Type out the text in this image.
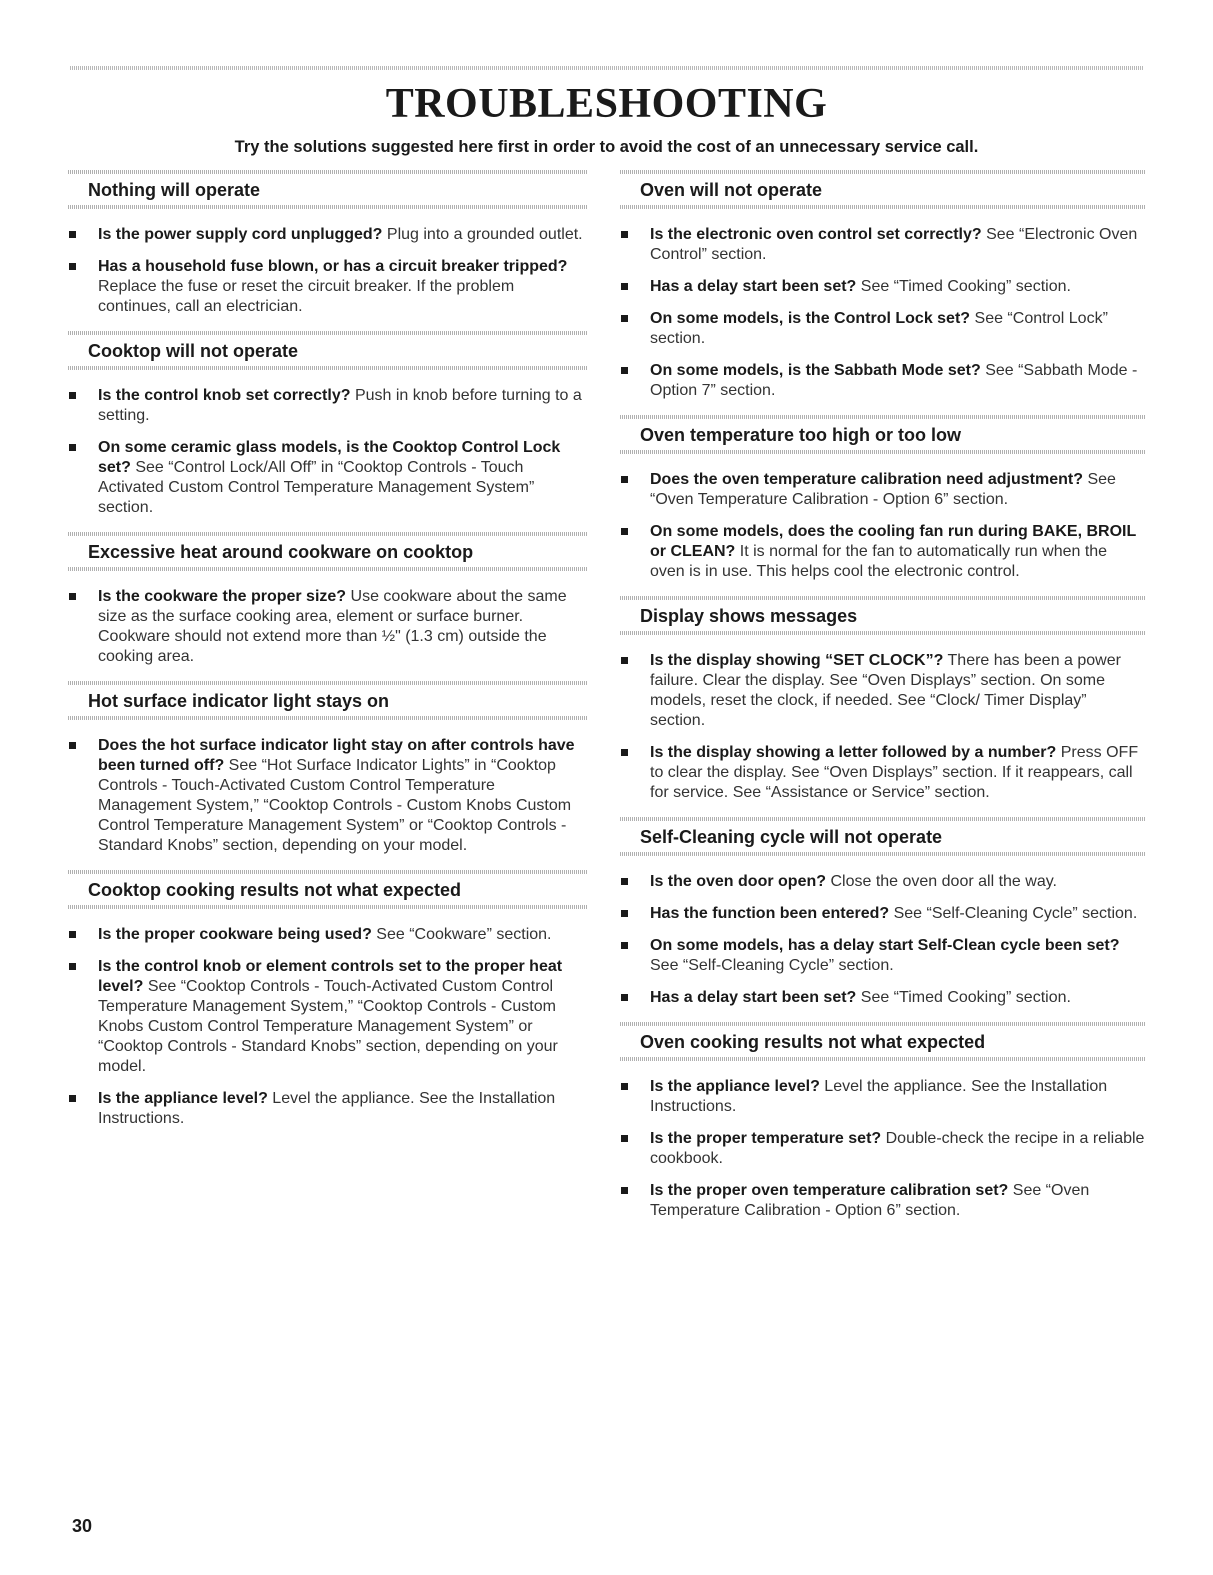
TROUBLESHOOTING

Try the solutions suggested here first in order to avoid the cost of an unnecessary service call.

Nothing will operate
Is the power supply cord unplugged? Plug into a grounded outlet.
Has a household fuse blown, or has a circuit breaker tripped? Replace the fuse or reset the circuit breaker. If the problem continues, call an electrician.
Cooktop will not operate
Is the control knob set correctly? Push in knob before turning to a setting.
On some ceramic glass models, is the Cooktop Control Lock set? See “Control Lock/All Off” in “Cooktop Controls - Touch Activated Custom Control Temperature Management System” section.
Excessive heat around cookware on cooktop
Is the cookware the proper size? Use cookware about the same size as the surface cooking area, element or surface burner. Cookware should not extend more than ½" (1.3 cm) outside the cooking area.
Hot surface indicator light stays on
Does the hot surface indicator light stay on after controls have been turned off? See “Hot Surface Indicator Lights” in “Cooktop Controls - Touch-Activated Custom Control Temperature Management System,” “Cooktop Controls - Custom Knobs Custom Control Temperature Management System” or “Cooktop Controls - Standard Knobs” section, depending on your model.
Cooktop cooking results not what expected
Is the proper cookware being used? See “Cookware” section.
Is the control knob or element controls set to the proper heat level? See “Cooktop Controls - Touch-Activated Custom Control Temperature Management System,” “Cooktop Controls - Custom Knobs Custom Control Temperature Management System” or “Cooktop Controls - Standard Knobs” section, depending on your model.
Is the appliance level? Level the appliance. See the Installation Instructions.
Oven will not operate
Is the electronic oven control set correctly? See “Electronic Oven Control” section.
Has a delay start been set? See “Timed Cooking” section.
On some models, is the Control Lock set? See “Control Lock” section.
On some models, is the Sabbath Mode set? See “Sabbath Mode - Option 7” section.
Oven temperature too high or too low
Does the oven temperature calibration need adjustment? See “Oven Temperature Calibration - Option 6” section.
On some models, does the cooling fan run during BAKE, BROIL or CLEAN? It is normal for the fan to automatically run when the oven is in use. This helps cool the electronic control.
Display shows messages
Is the display showing “SET CLOCK”? There has been a power failure. Clear the display. See “Oven Displays” section. On some models, reset the clock, if needed. See “Clock/ Timer Display” section.
Is the display showing a letter followed by a number? Press OFF to clear the display. See “Oven Displays” section. If it reappears, call for service. See “Assistance or Service” section.
Self-Cleaning cycle will not operate
Is the oven door open? Close the oven door all the way.
Has the function been entered? See “Self-Cleaning Cycle” section.
On some models, has a delay start Self-Clean cycle been set? See “Self-Cleaning Cycle” section.
Has a delay start been set? See “Timed Cooking” section.
Oven cooking results not what expected
Is the appliance level? Level the appliance. See the Installation Instructions.
Is the proper temperature set? Double-check the recipe in a reliable cookbook.
Is the proper oven temperature calibration set? See “Oven Temperature Calibration - Option 6” section.

30
